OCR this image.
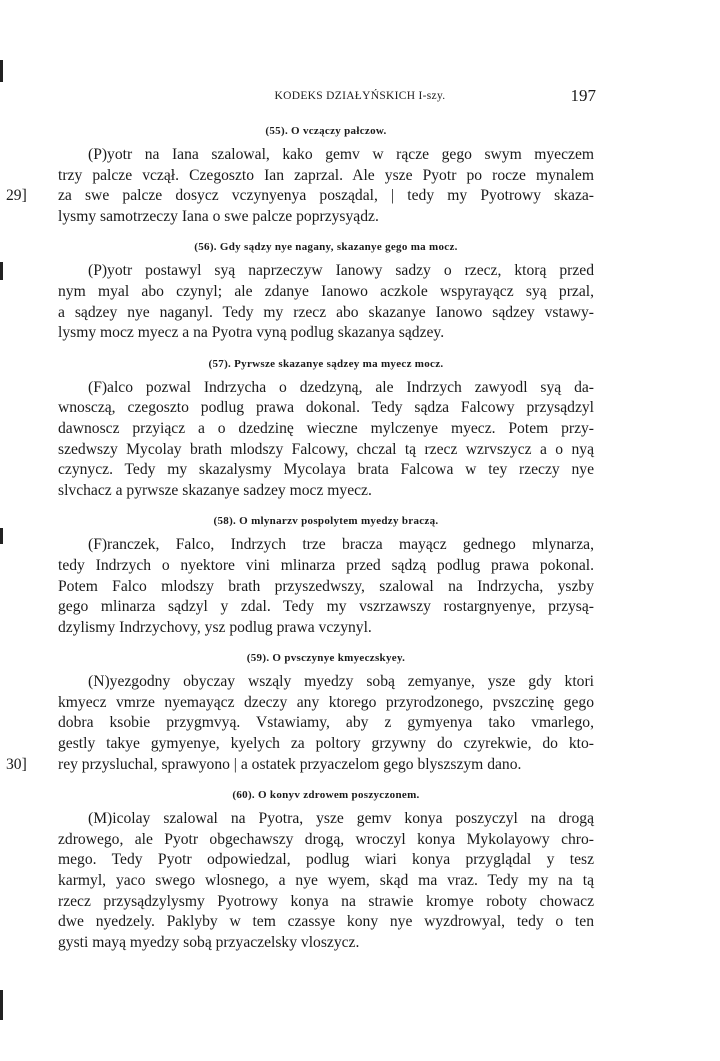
KODEKS DZIAŁYŃSKICH I-szy.	197
(55). O vczączy pałczow.
(P)yotr na Iana szalowal, kako gemv w rącze gego swym myeczem
trzy palcze vczął. Czegoszto Ian zaprzal. Ale ysze Pyotr po rocze mynalem
za swe palcze dosycz vczynyenya posządal, | tedy my Pyotrowy skaza-
29]
lysmy samotrzeczy Iana o swe palcze poprzysyądz.
(56). Gdy sądzy nye nagany, skazanye gego ma mocz.
(P)yotr postawyl syą naprzeczyw Ianowy sadzy o rzecz, ktorą przed
nym myal abo czynyl; ale zdanye Ianowo aczkole wspyrayącz syą przal,
a sądzey nye naganyl. Tedy my rzecz abo skazanye Ianowo sądzey vstawy-
lysmy mocz myecz a na Pyotra vyną podlug skazanya sądzey.
(57). Pyrwsze skazanye sądzey ma myecz mocz.
(F)alco pozwal Indrzycha o dzedzyną, ale Indrzych zawyodl syą da-
wnosczą, czegoszto podlug prawa dokonal. Tedy sądza Falcowy przysądzyl
dawnoscz przyiącz a o dzedzinę wieczne mylczenye myecz. Potem przy-
szedwszy Mycolay brath mlodszy Falcowy, chczal tą rzecz wzrvszycz a o nyą
czynycz. Tedy my skazalysmy Mycolaya brata Falcowa w tey rzeczy nye
slvchacz a pyrwsze skazanye sadzey mocz myecz.
(58). O mlynarzv pospolytem myedzy braczą.
(F)ranczek, Falco, Indrzych trze bracza mayącz gednego mlynarza,
tedy Indrzych o nyektore vini mlinarza przed sądzą podlug prawa pokonal.
Potem Falco mlodszy brath przyszedwszy, szalowal na Indrzycha, yszby
gego mlinarza sądzyl y zdal. Tedy my vszrzawszy rostargnyenye, przysą-
dzylismy Indrzychovy, ysz podlug prawa vczynyl.
(59). O pvsczynye kmyeczskyey.
(N)yezgodny obyczay wsząly myedzy sobą zemyanye, ysze gdy ktori
kmyecz vmrze nyemayącz dzeczy any ktorego przyrodzonego, pvszczinę gego
dobra ksobie przygmvyą. Vstawiamy, aby z gymyenya tako vmarlego,
gestly takye gymyenye, kyelych za poltory grzywny do czyrekwie, do kto-
rey przysluchal, sprawyono | a ostatek przyaczelom gego blyszszym dano.
30]
(60). O konyv zdrowem poszyczonem.
(M)icolay szalowal na Pyotra, ysze gemv konya poszyczyl na drogą
zdrowego, ale Pyotr obgechawszy drogą, wroczyl konya Mykolayowy chro-
mego. Tedy Pyotr odpowiedzal, podlug wiari konya przyglądal y tesz
karmyl, yaco swego wlosnego, a nye wyem, skąd ma vraz. Tedy my na tą
rzecz przysądzylysmy Pyotrowy konya na strawie kromye roboty chowacz
dwe nyedzely. Paklyby w tem czassye kony nye wyzdrowyal, tedy o ten
gysti mayą myedzy sobą przyaczelsky vloszycz.
